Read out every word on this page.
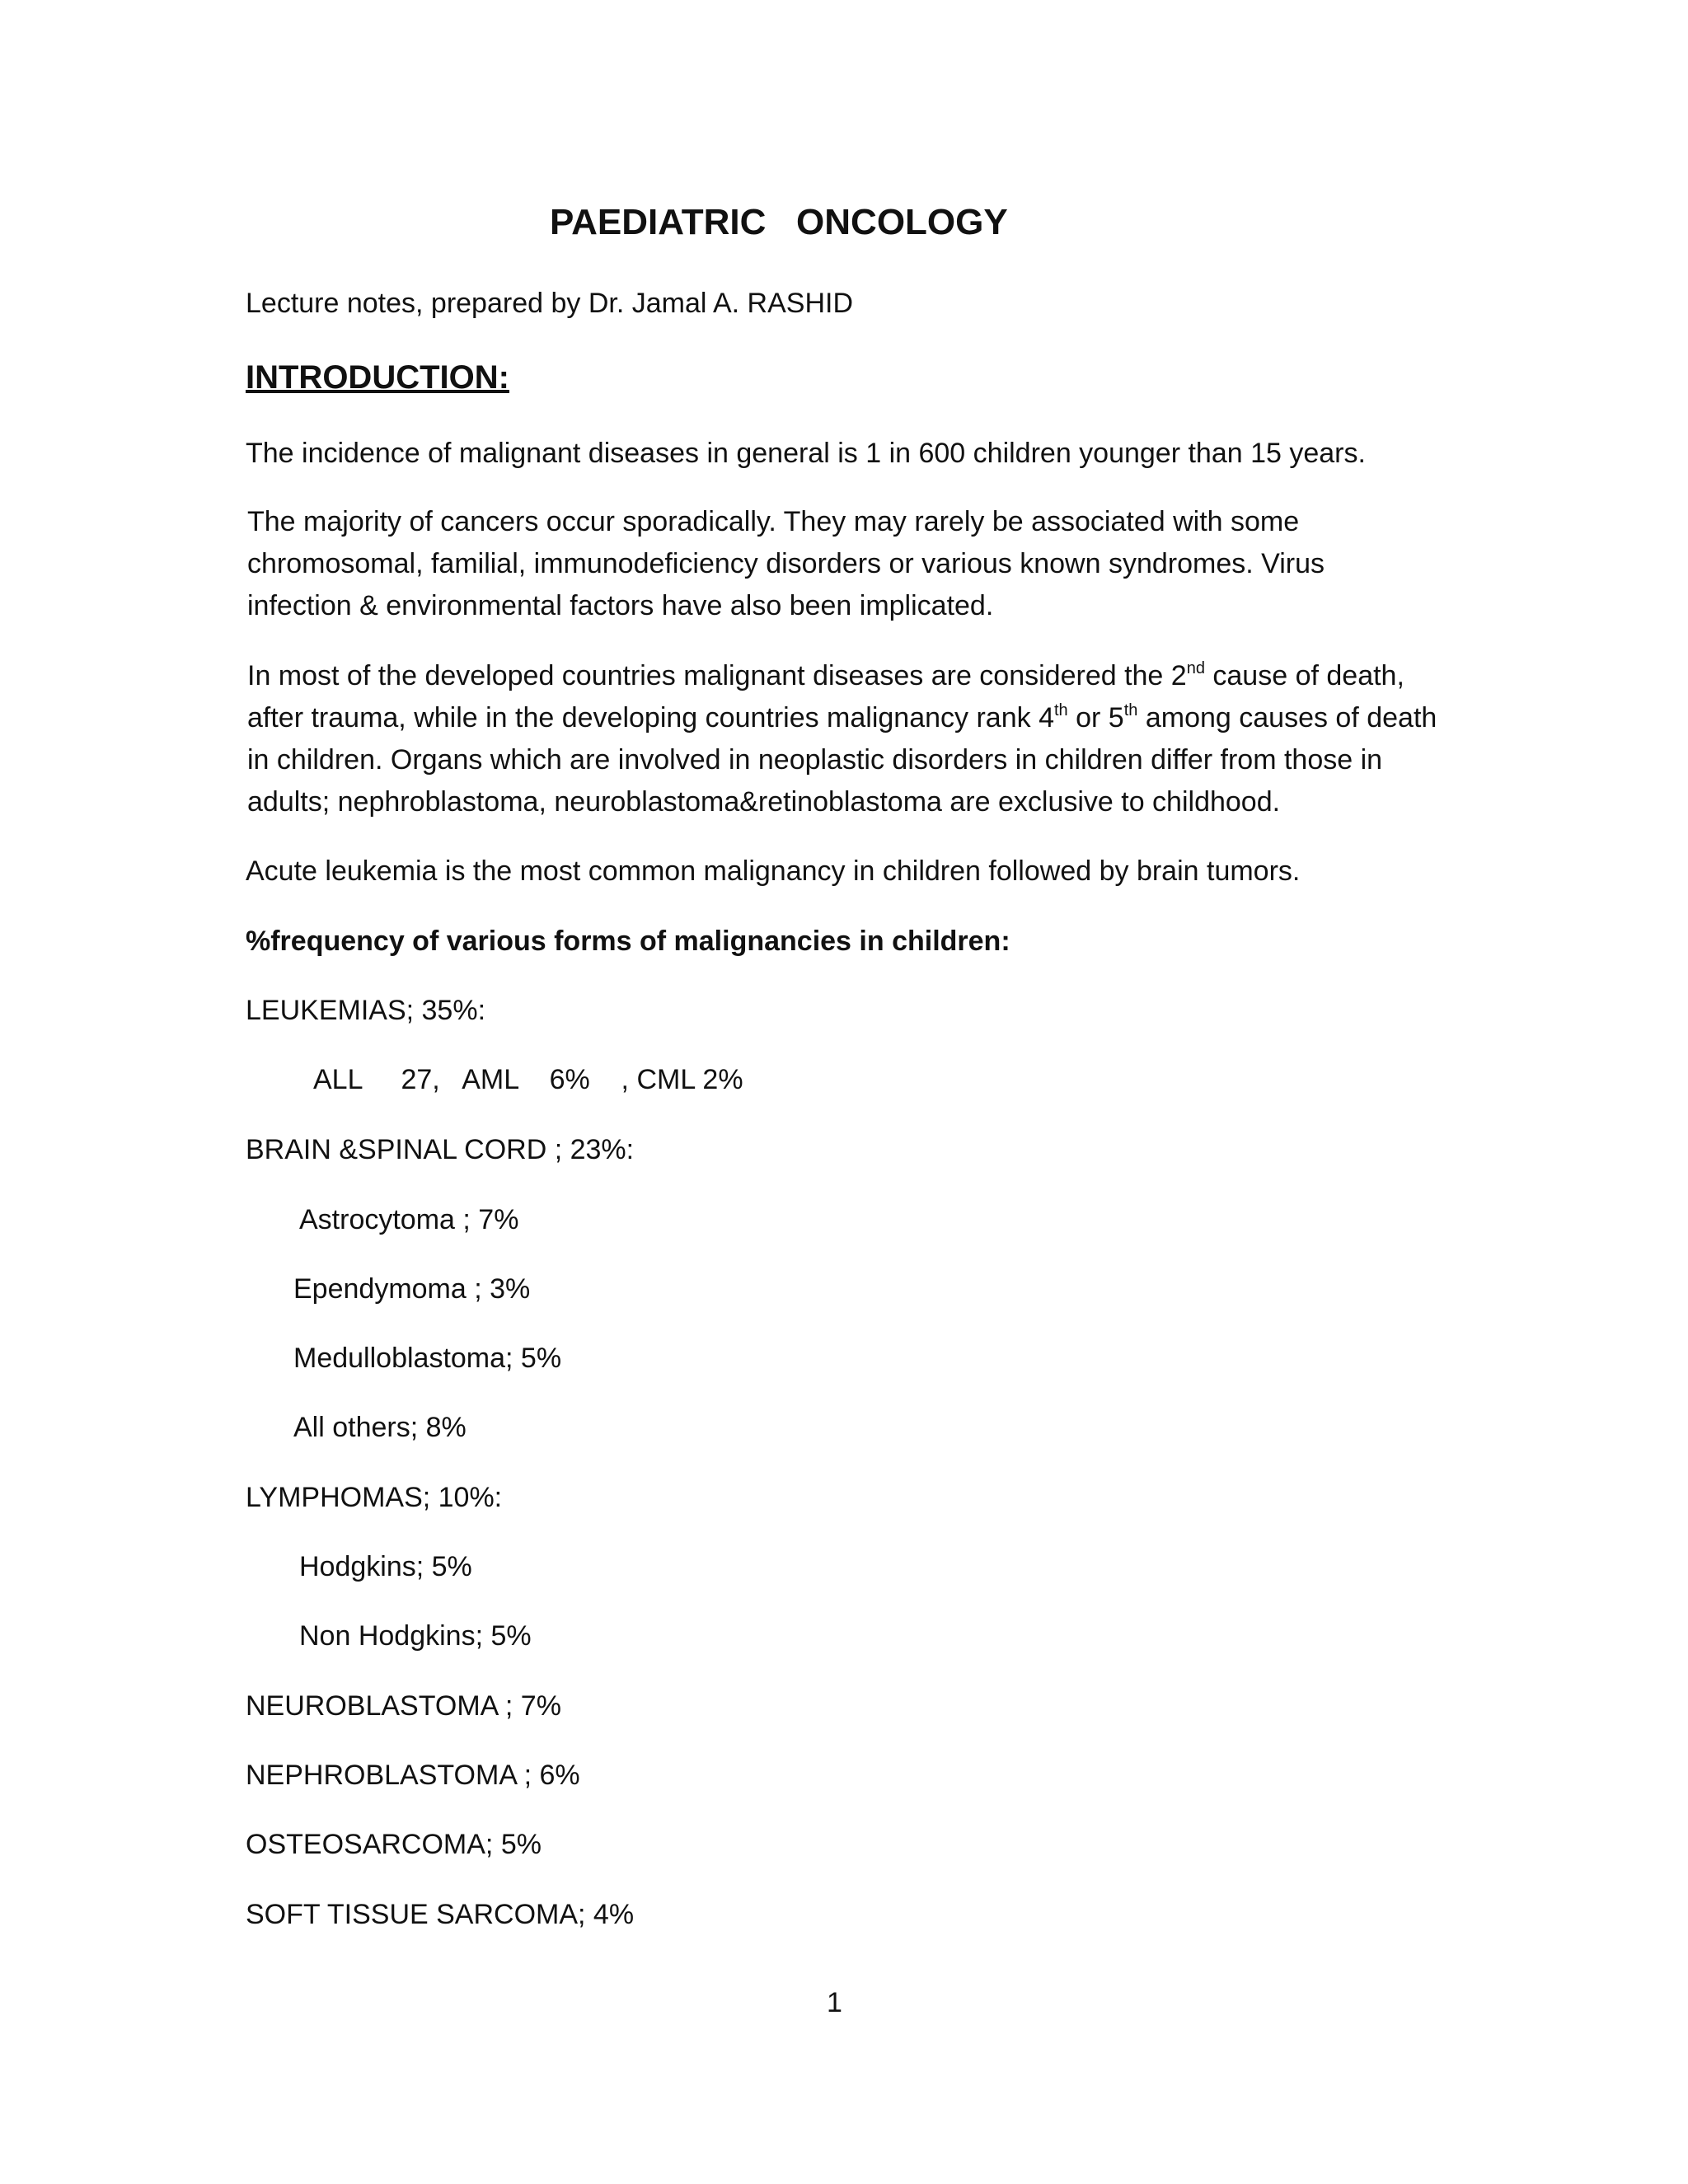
PAEDIATRIC   ONCOLOGY
Lecture notes, prepared by Dr. Jamal A. RASHID
INTRODUCTION:
The incidence of malignant diseases in general is 1 in 600 children younger than 15 years.
The majority of cancers occur sporadically. They may rarely be associated with some
chromosomal, familial, immunodeficiency disorders or various known syndromes. Virus
infection & environmental factors have also been implicated.
In most of the developed countries malignant diseases are considered the 2nd cause of death,
after trauma, while in the developing countries malignancy rank 4th or 5th among causes of death
in children. Organs which are involved in neoplastic disorders in children differ from those in
adults; nephroblastoma, neuroblastoma&retinoblastoma are exclusive to childhood.
Acute leukemia is the most common malignancy in children followed by brain tumors.
%frequency of various forms of malignancies in children:
LEUKEMIAS; 35%:
ALL     27,   AML    6%    , CML 2%
BRAIN &SPINAL CORD ; 23%:
Astrocytoma ; 7%
Ependymoma ; 3%
Medulloblastoma; 5%
All others; 8%
LYMPHOMAS; 10%:
Hodgkins; 5%
Non Hodgkins; 5%
NEUROBLASTOMA ; 7%
NEPHROBLASTOMA ; 6%
OSTEOSARCOMA; 5%
SOFT TISSUE SARCOMA; 4%
1
